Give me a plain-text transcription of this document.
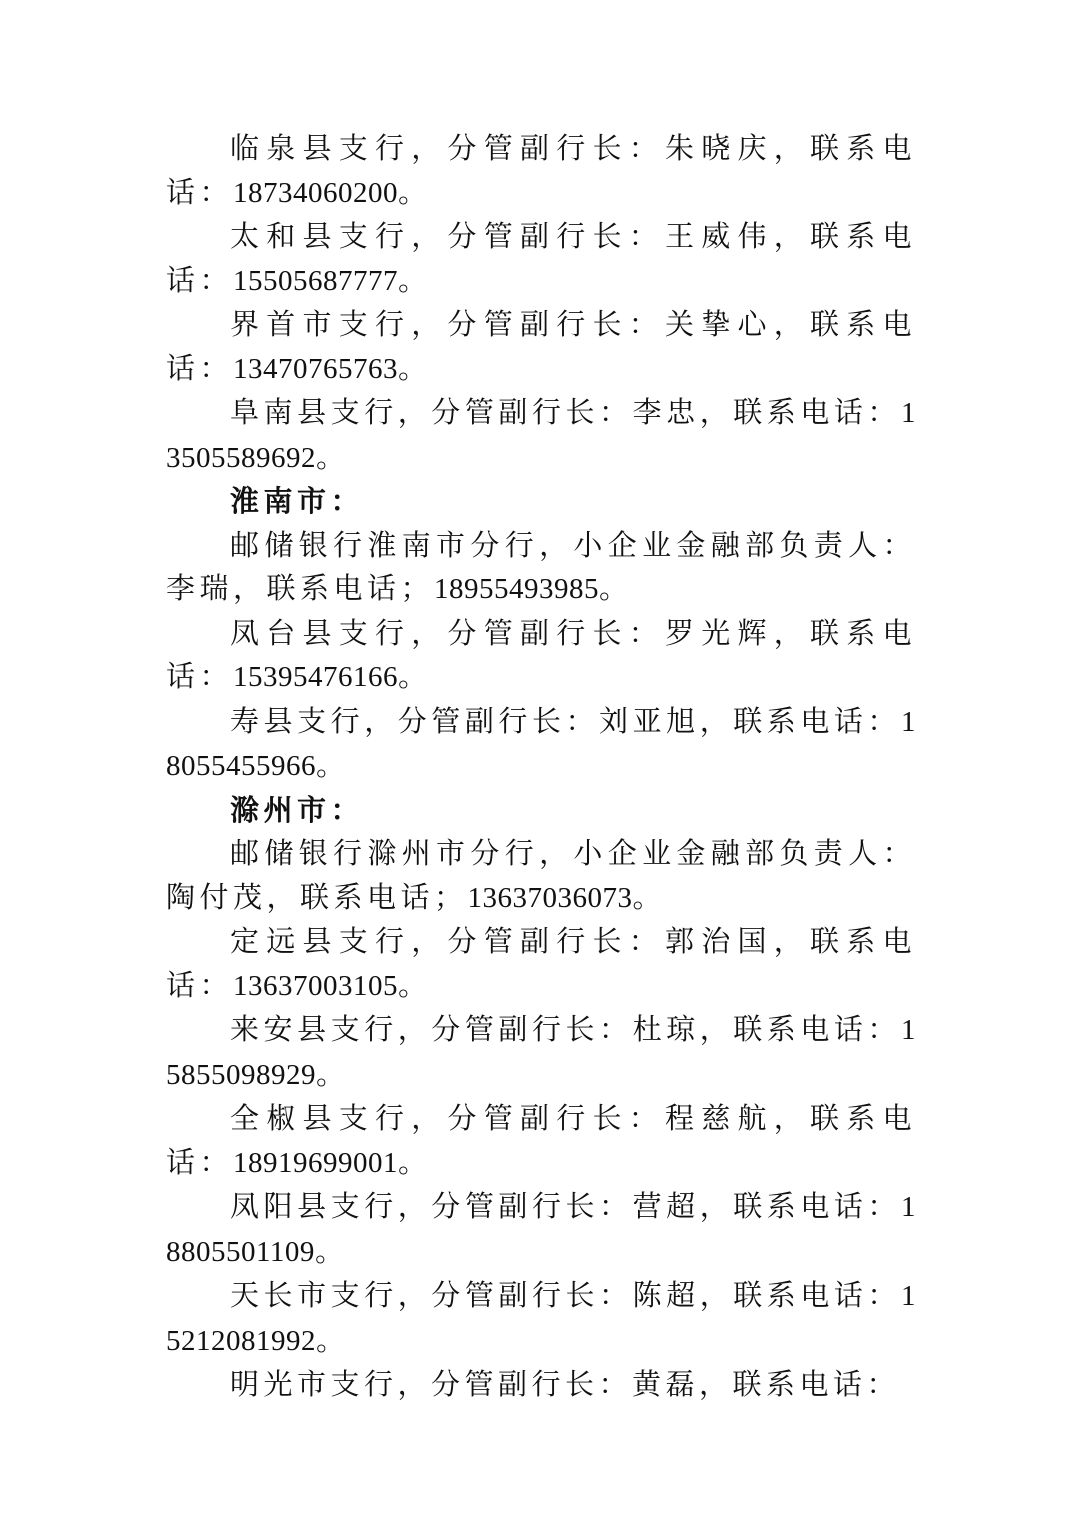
临泉县支行，分管副行长：朱晓庆，联系电话：18734060200。

太和县支行，分管副行长：王威伟，联系电话：15505687777。

界首市支行，分管副行长：关挚心，联系电话：13470765763。

阜南县支行，分管副行长：李忠，联系电话：13505589692。

淮南市：

邮储银行淮南市分行，小企业金融部负责人：李瑞，联系电话；18955493985。

凤台县支行，分管副行长：罗光辉，联系电话：15395476166。

寿县支行，分管副行长：刘亚旭，联系电话：18055455966。

滁州市：

邮储银行滁州市分行，小企业金融部负责人：陶付茂，联系电话；13637036073。

定远县支行，分管副行长：郭治国，联系电话：13637003105。

来安县支行，分管副行长：杜琼，联系电话：15855098929。

全椒县支行，分管副行长：程慈航，联系电话：18919699001。

凤阳县支行，分管副行长：营超，联系电话：18805501109。

天长市支行，分管副行长：陈超，联系电话：15212081992。

明光市支行，分管副行长：黄磊，联系电话：
